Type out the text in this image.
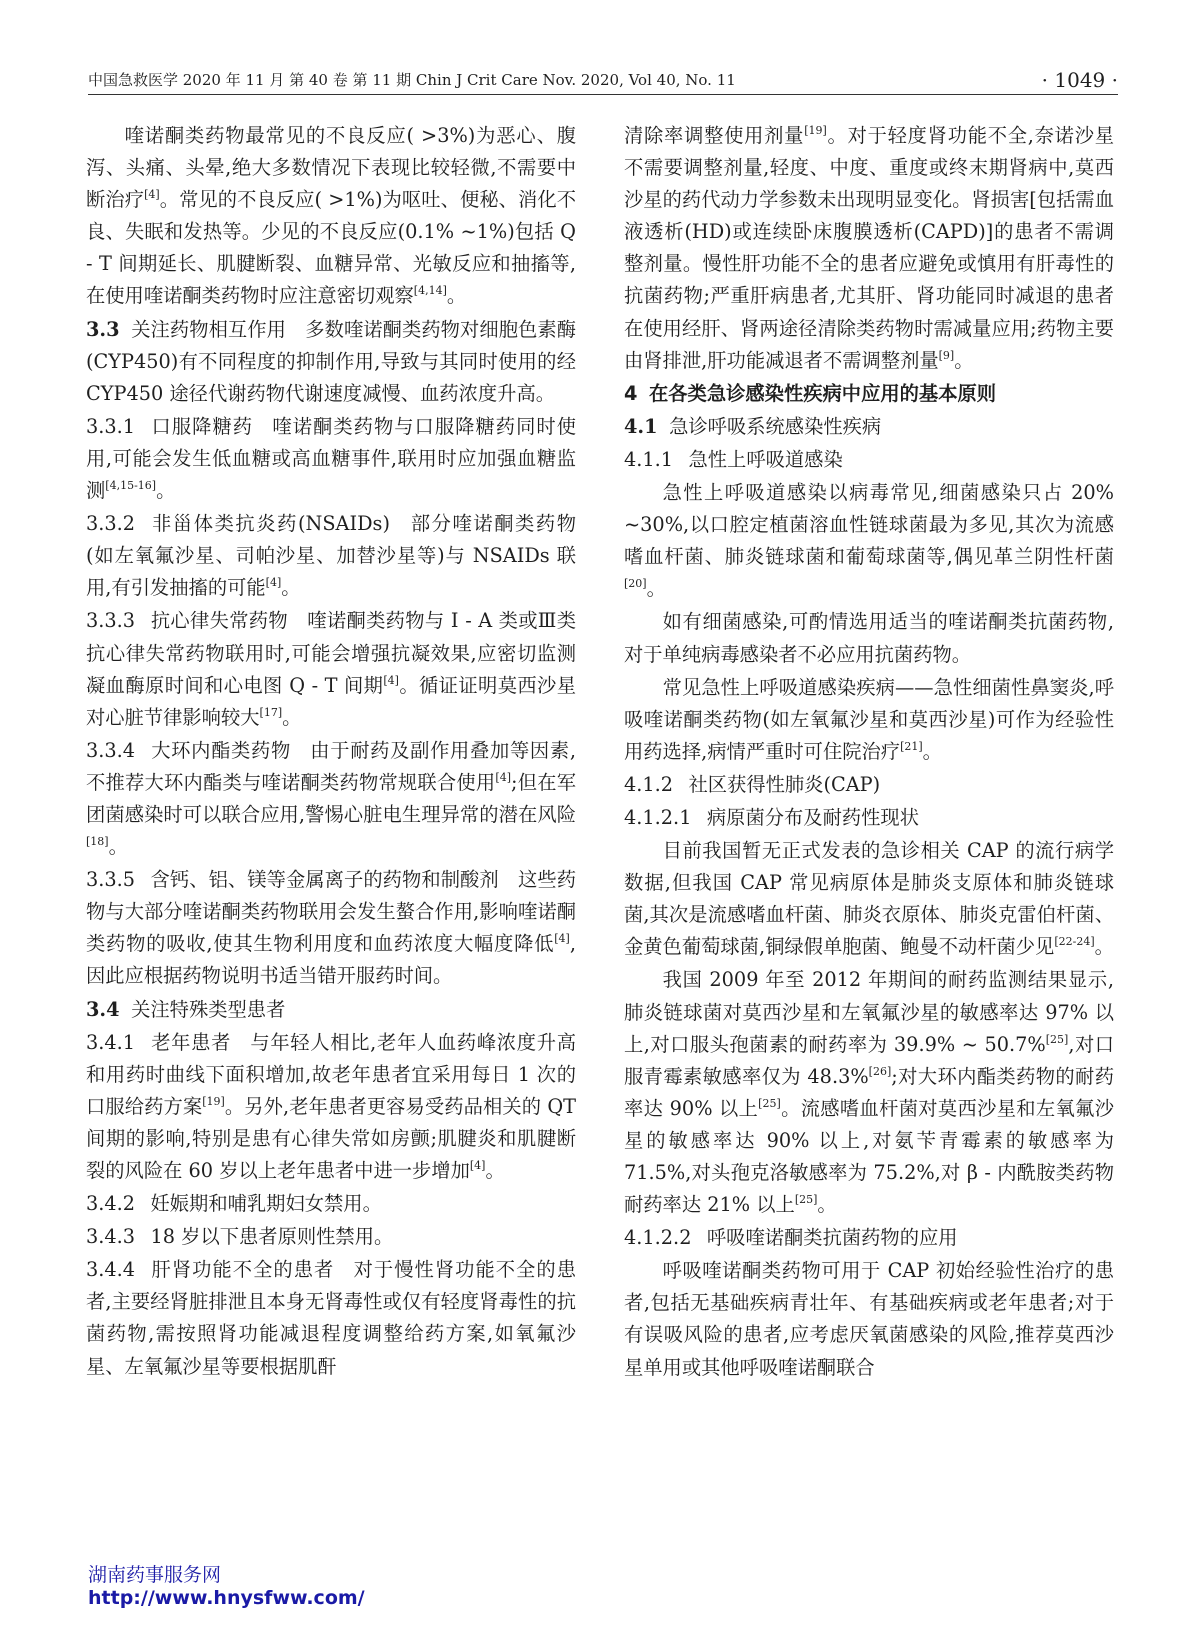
中国急救医学 2020 年 11 月 第 40 卷 第 11 期 Chin J Crit Care Nov. 2020, Vol 40, No. 11	· 1049 ·

喹诺酮类药物最常见的不良反应( >3%)为恶心、腹泻、头痛、头晕,绝大多数情况下表现比较轻微,不需要中断治疗[4]。常见的不良反应( >1%)为呕吐、便秘、消化不良、失眠和发热等。少见的不良反应(0.1% ~1%)包括 Q - T 间期延长、肌腱断裂、血糖异常、光敏反应和抽搐等,在使用喹诺酮类药物时应注意密切观察[4,14]。

3.3 关注药物相互作用 多数喹诺酮类药物对细胞色素酶(CYP450)有不同程度的抑制作用,导致与其同时使用的经 CYP450 途径代谢药物代谢速度减慢、血药浓度升高。

3.3.1 口服降糖药 喹诺酮类药物与口服降糖药同时使用,可能会发生低血糖或高血糖事件,联用时应加强血糖监测[4,15-16]。

3.3.2 非甾体类抗炎药(NSAIDs) 部分喹诺酮类药物(如左氧氟沙星、司帕沙星、加替沙星等)与 NSAIDs 联用,有引发抽搐的可能[4]。

3.3.3 抗心律失常药物 喹诺酮类药物与 Ⅰ - A 类或Ⅲ类抗心律失常药物联用时,可能会增强抗凝效果,应密切监测凝血酶原时间和心电图 Q - T 间期[4]。循证证明莫西沙星对心脏节律影响较大[17]。

3.3.4 大环内酯类药物 由于耐药及副作用叠加等因素,不推荐大环内酯类与喹诺酮类药物常规联合使用[4];但在军团菌感染时可以联合应用,警惕心脏电生理异常的潜在风险[18]。

3.3.5 含钙、铝、镁等金属离子的药物和制酸剂 这些药物与大部分喹诺酮类药物联用会发生螯合作用,影响喹诺酮类药物的吸收,使其生物利用度和血药浓度大幅度降低[4],因此应根据药物说明书适当错开服药时间。

3.4 关注特殊类型患者

3.4.1 老年患者 与年轻人相比,老年人血药峰浓度升高和用药时曲线下面积增加,故老年患者宜采用每日 1 次的口服给药方案[19]。另外,老年患者更容易受药品相关的 QT 间期的影响,特别是患有心律失常如房颤;肌腱炎和肌腱断裂的风险在 60 岁以上老年患者中进一步增加[4]。

3.4.2 妊娠期和哺乳期妇女禁用。

3.4.3 18 岁以下患者原则性禁用。

3.4.4 肝肾功能不全的患者 对于慢性肾功能不全的患者,主要经肾脏排泄且本身无肾毒性或仅有轻度肾毒性的抗菌药物,需按照肾功能减退程度调整给药方案,如氧氟沙星、左氧氟沙星等要根据肌酐

清除率调整使用剂量[19]。对于轻度肾功能不全,奈诺沙星不需要调整剂量,轻度、中度、重度或终末期肾病中,莫西沙星的药代动力学参数未出现明显变化。肾损害[包括需血液透析(HD)或连续卧床腹膜透析(CAPD)]的患者不需调整剂量。慢性肝功能不全的患者应避免或慎用有肝毒性的抗菌药物;严重肝病患者,尤其肝、肾功能同时减退的患者在使用经肝、肾两途径清除类药物时需减量应用;药物主要由肾排泄,肝功能减退者不需调整剂量[9]。

4 在各类急诊感染性疾病中应用的基本原则

4.1 急诊呼吸系统感染性疾病

4.1.1 急性上呼吸道感染

急性上呼吸道感染以病毒常见,细菌感染只占 20% ~30%,以口腔定植菌溶血性链球菌最为多见,其次为流感嗜血杆菌、肺炎链球菌和葡萄球菌等,偶见革兰阴性杆菌[20]。

如有细菌感染,可酌情选用适当的喹诺酮类抗菌药物,对于单纯病毒感染者不必应用抗菌药物。

常见急性上呼吸道感染疾病——急性细菌性鼻窦炎,呼吸喹诺酮类药物(如左氧氟沙星和莫西沙星)可作为经验性用药选择,病情严重时可住院治疗[21]。

4.1.2 社区获得性肺炎(CAP)

4.1.2.1 病原菌分布及耐药性现状

目前我国暂无正式发表的急诊相关 CAP 的流行病学数据,但我国 CAP 常见病原体是肺炎支原体和肺炎链球菌,其次是流感嗜血杆菌、肺炎衣原体、肺炎克雷伯杆菌、金黄色葡萄球菌,铜绿假单胞菌、鲍曼不动杆菌少见[22-24]。

我国 2009 年至 2012 年期间的耐药监测结果显示,肺炎链球菌对莫西沙星和左氧氟沙星的敏感率达 97% 以上,对口服头孢菌素的耐药率为 39.9% ~ 50.7%[25],对口服青霉素敏感率仅为 48.3%[26];对大环内酯类药物的耐药率达 90% 以上[25]。流感嗜血杆菌对莫西沙星和左氧氟沙星的敏感率达 90% 以上,对氨苄青霉素的敏感率为 71.5%,对头孢克洛敏感率为 75.2%,对 β - 内酰胺类药物耐药率达 21% 以上[25]。

4.1.2.2 呼吸喹诺酮类抗菌药物的应用

呼吸喹诺酮类药物可用于 CAP 初始经验性治疗的患者,包括无基础疾病青壮年、有基础疾病或老年患者;对于有误吸风险的患者,应考虑厌氧菌感染的风险,推荐莫西沙星单用或其他呼吸喹诺酮联合

湖南药事服务网
http://www.hnysfww.com/
